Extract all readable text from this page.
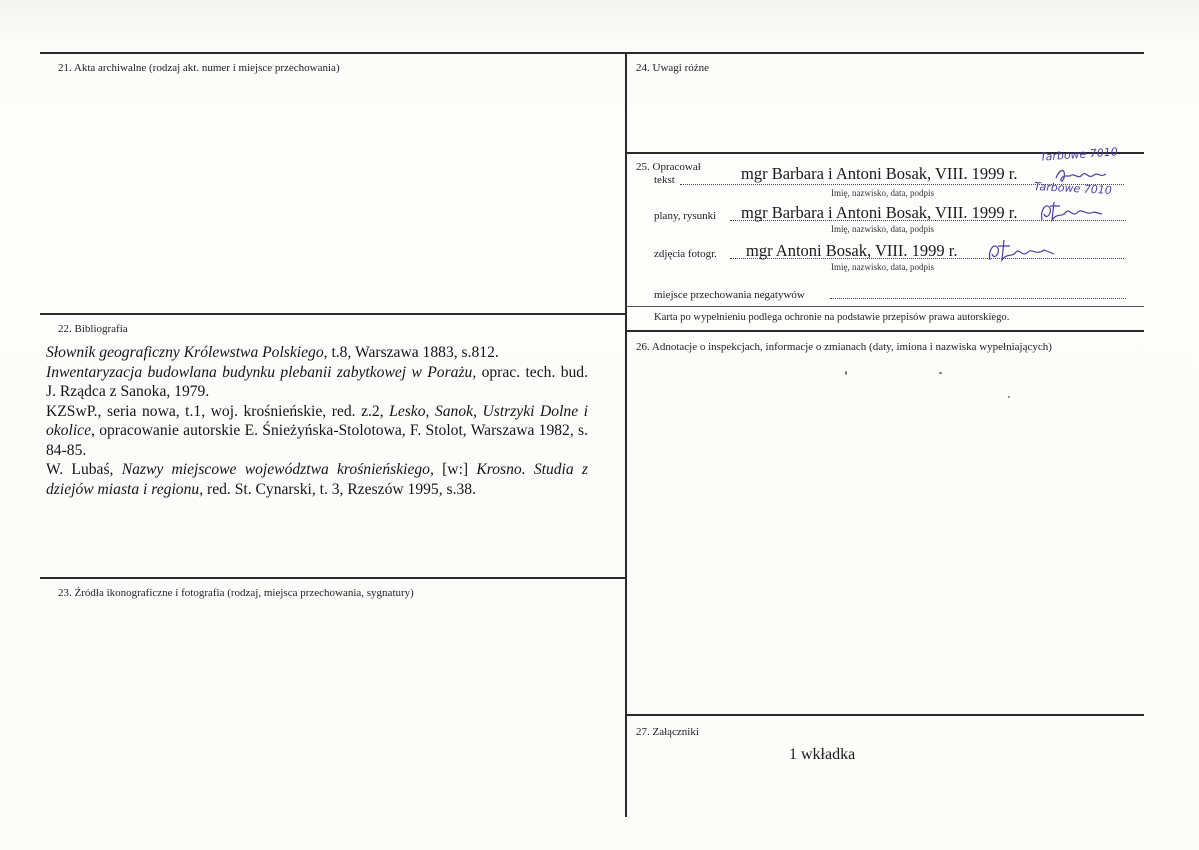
21. Akta archiwalne (rodzaj akt. numer i miejsce przechowania)
22. Bibliografia
23. Źródła ikonograficzne i fotografia (rodzaj, miejsca przechowania, sygnatury)
24. Uwagi różne
26. Adnotacje o inspekcjach, informacje o zmianach (daty, imiona i nazwiska wypełniających)
27. Załączniki
1 wkładka
25. Opracował
tekst	mgr Barbara i Antoni Bosak, VIII. 1999 r.
Imię, nazwisko, data, podpis
plany, rysunki mgr Barbara i Antoni Bosak, VIII. 1999 r.
Imię, nazwisko, data, podpis
zdjęcia fotogr. mgr Antoni Bosak, VIII. 1999 r.
Imię, nazwisko, data, podpis
miejsce przechowania negatywów
Karta po wypełnieniu podlega ochronie na podstawie przepisów prawa autorskiego.
Tarbowe 7010
Tarbowe 7010

Słownik geograficzny Królewstwa Polskiego, t.8, Warszawa 1883, s.812.

Inwentaryzacja budowlana budynku plebanii zabytkowej w Porażu, oprac. tech. bud. J. Rządca z Sanoka, 1979.

KZSwP., seria nowa, t.1, woj. krośnieńskie, red. z.2, Lesko, Sanok, Ustrzyki Dolne i okolice, opracowanie autorskie E. Śnieżyńska-Stolotowa, F. Stolot, Warszawa 1982, s. 84-85.

W. Lubaś, Nazwy miejscowe województwa krośnieńskiego, [w:] Krosno. Studia z dziejów miasta i regionu, red. St. Cynarski, t. 3, Rzeszów 1995, s.38.
